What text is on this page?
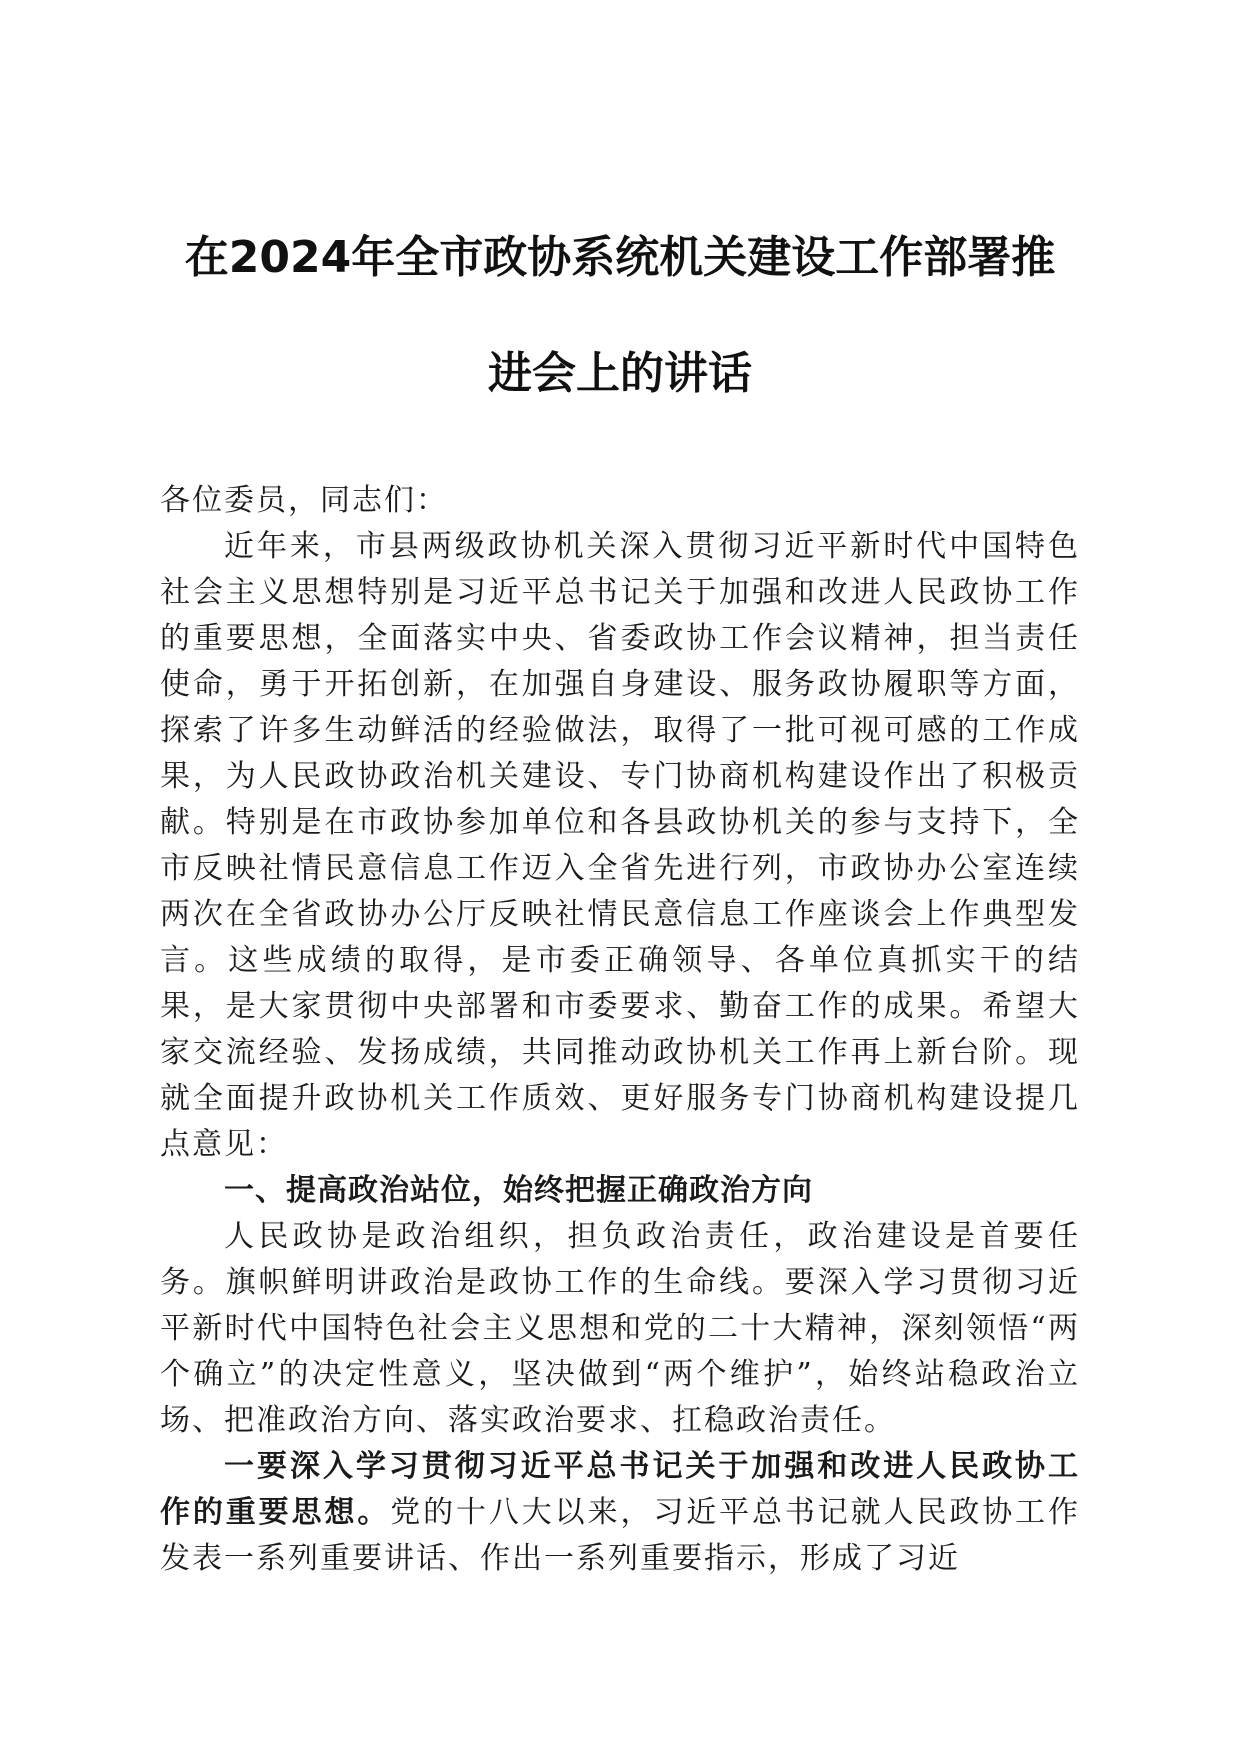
在2024年全市政协系统机关建设工作部署推
进会上的讲话

各位委员，同志们：

近年来，市县两级政协机关深入贯彻习近平新时代中国特色社会主义思想特别是习近平总书记关于加强和改进人民政协工作的重要思想，全面落实中央、省委政协工作会议精神，担当责任使命，勇于开拓创新，在加强自身建设、服务政协履职等方面，探索了许多生动鲜活的经验做法，取得了一批可视可感的工作成果，为人民政协政治机关建设、专门协商机构建设作出了积极贡献。特别是在市政协参加单位和各县政协机关的参与支持下，全市反映社情民意信息工作迈入全省先进行列，市政协办公室连续两次在全省政协办公厅反映社情民意信息工作座谈会上作典型发言。这些成绩的取得，是市委正确领导、各单位真抓实干的结果，是大家贯彻中央部署和市委要求、勤奋工作的成果。希望大家交流经验、发扬成绩，共同推动政协机关工作再上新台阶。现就全面提升政协机关工作质效、更好服务专门协商机构建设提几点意见：

一、提高政治站位，始终把握正确政治方向

人民政协是政治组织，担负政治责任，政治建设是首要任务。旗帜鲜明讲政治是政协工作的生命线。要深入学习贯彻习近平新时代中国特色社会主义思想和党的二十大精神，深刻领悟“两个确立”的决定性意义，坚决做到“两个维护”，始终站稳政治立场、把准政治方向、落实政治要求、扛稳政治责任。

一要深入学习贯彻习近平总书记关于加强和改进人民政协工作的重要思想。党的十八大以来，习近平总书记就人民政协工作发表一系列重要讲话、作出一系列重要指示，形成了习近
